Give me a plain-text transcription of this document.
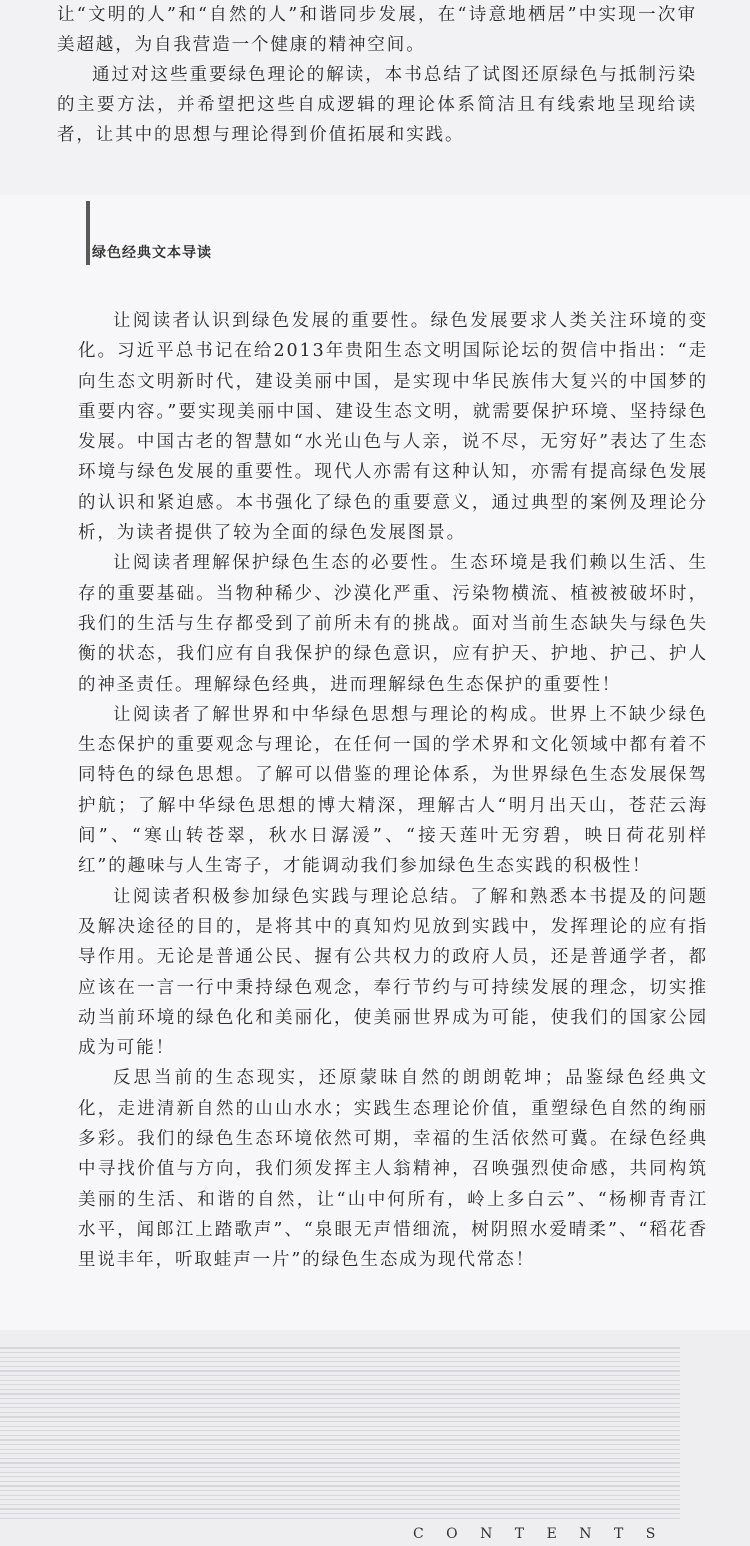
让“文明的人”和“自然的人”和谐同步发展，在“诗意地栖居”中实现一次审美超越，为自我营造一个健康的精神空间。

通过对这些重要绿色理论的解读，本书总结了试图还原绿色与抵制污染的主要方法，并希望把这些自成逻辑的理论体系简洁且有线索地呈现给读者，让其中的思想与理论得到价值拓展和实践。

绿色经典文本导读

让阅读者认识到绿色发展的重要性。绿色发展要求人类关注环境的变化。习近平总书记在给2013年贵阳生态文明国际论坛的贺信中指出：“走向生态文明新时代，建设美丽中国，是实现中华民族伟大复兴的中国梦的重要内容。”要实现美丽中国、建设生态文明，就需要保护环境、坚持绿色发展。中国古老的智慧如“水光山色与人亲，说不尽，无穷好”表达了生态环境与绿色发展的重要性。现代人亦需有这种认知，亦需有提高绿色发展的认识和紧迫感。本书强化了绿色的重要意义，通过典型的案例及理论分析，为读者提供了较为全面的绿色发展图景。

让阅读者理解保护绿色生态的必要性。生态环境是我们赖以生活、生存的重要基础。当物种稀少、沙漠化严重、污染物横流、植被被破坏时，我们的生活与生存都受到了前所未有的挑战。面对当前生态缺失与绿色失衡的状态，我们应有自我保护的绿色意识，应有护天、护地、护己、护人的神圣责任。理解绿色经典，进而理解绿色生态保护的重要性！

让阅读者了解世界和中华绿色思想与理论的构成。世界上不缺少绿色生态保护的重要观念与理论，在任何一国的学术界和文化领域中都有着不同特色的绿色思想。了解可以借鉴的理论体系，为世界绿色生态发展保驾护航；了解中华绿色思想的博大精深，理解古人“明月出天山，苍茫云海间”、“寒山转苍翠，秋水日潺湲”、“接天莲叶无穷碧，映日荷花别样红”的趣味与人生寄子，才能调动我们参加绿色生态实践的积极性！

让阅读者积极参加绿色实践与理论总结。了解和熟悉本书提及的问题及解决途径的目的，是将其中的真知灼见放到实践中，发挥理论的应有指导作用。无论是普通公民、握有公共权力的政府人员，还是普通学者，都应该在一言一行中秉持绿色观念，奉行节约与可持续发展的理念，切实推动当前环境的绿色化和美丽化，使美丽世界成为可能，使我们的国家公园成为可能！

反思当前的生态现实，还原蒙昧自然的朗朗乾坤；品鉴绿色经典文化，走进清新自然的山山水水；实践生态理论价值，重塑绿色自然的绚丽多彩。我们的绿色生态环境依然可期，幸福的生活依然可冀。在绿色经典中寻找价值与方向，我们须发挥主人翁精神，召唤强烈使命感，共同构筑美丽的生活、和谐的自然，让“山中何所有，岭上多白云”、“杨柳青青江水平，闻郎江上踏歌声”、“泉眼无声惜细流，树阴照水爱晴柔”、“稻花香里说丰年，听取蛙声一片”的绿色生态成为现代常态！

C O N T E N T S
